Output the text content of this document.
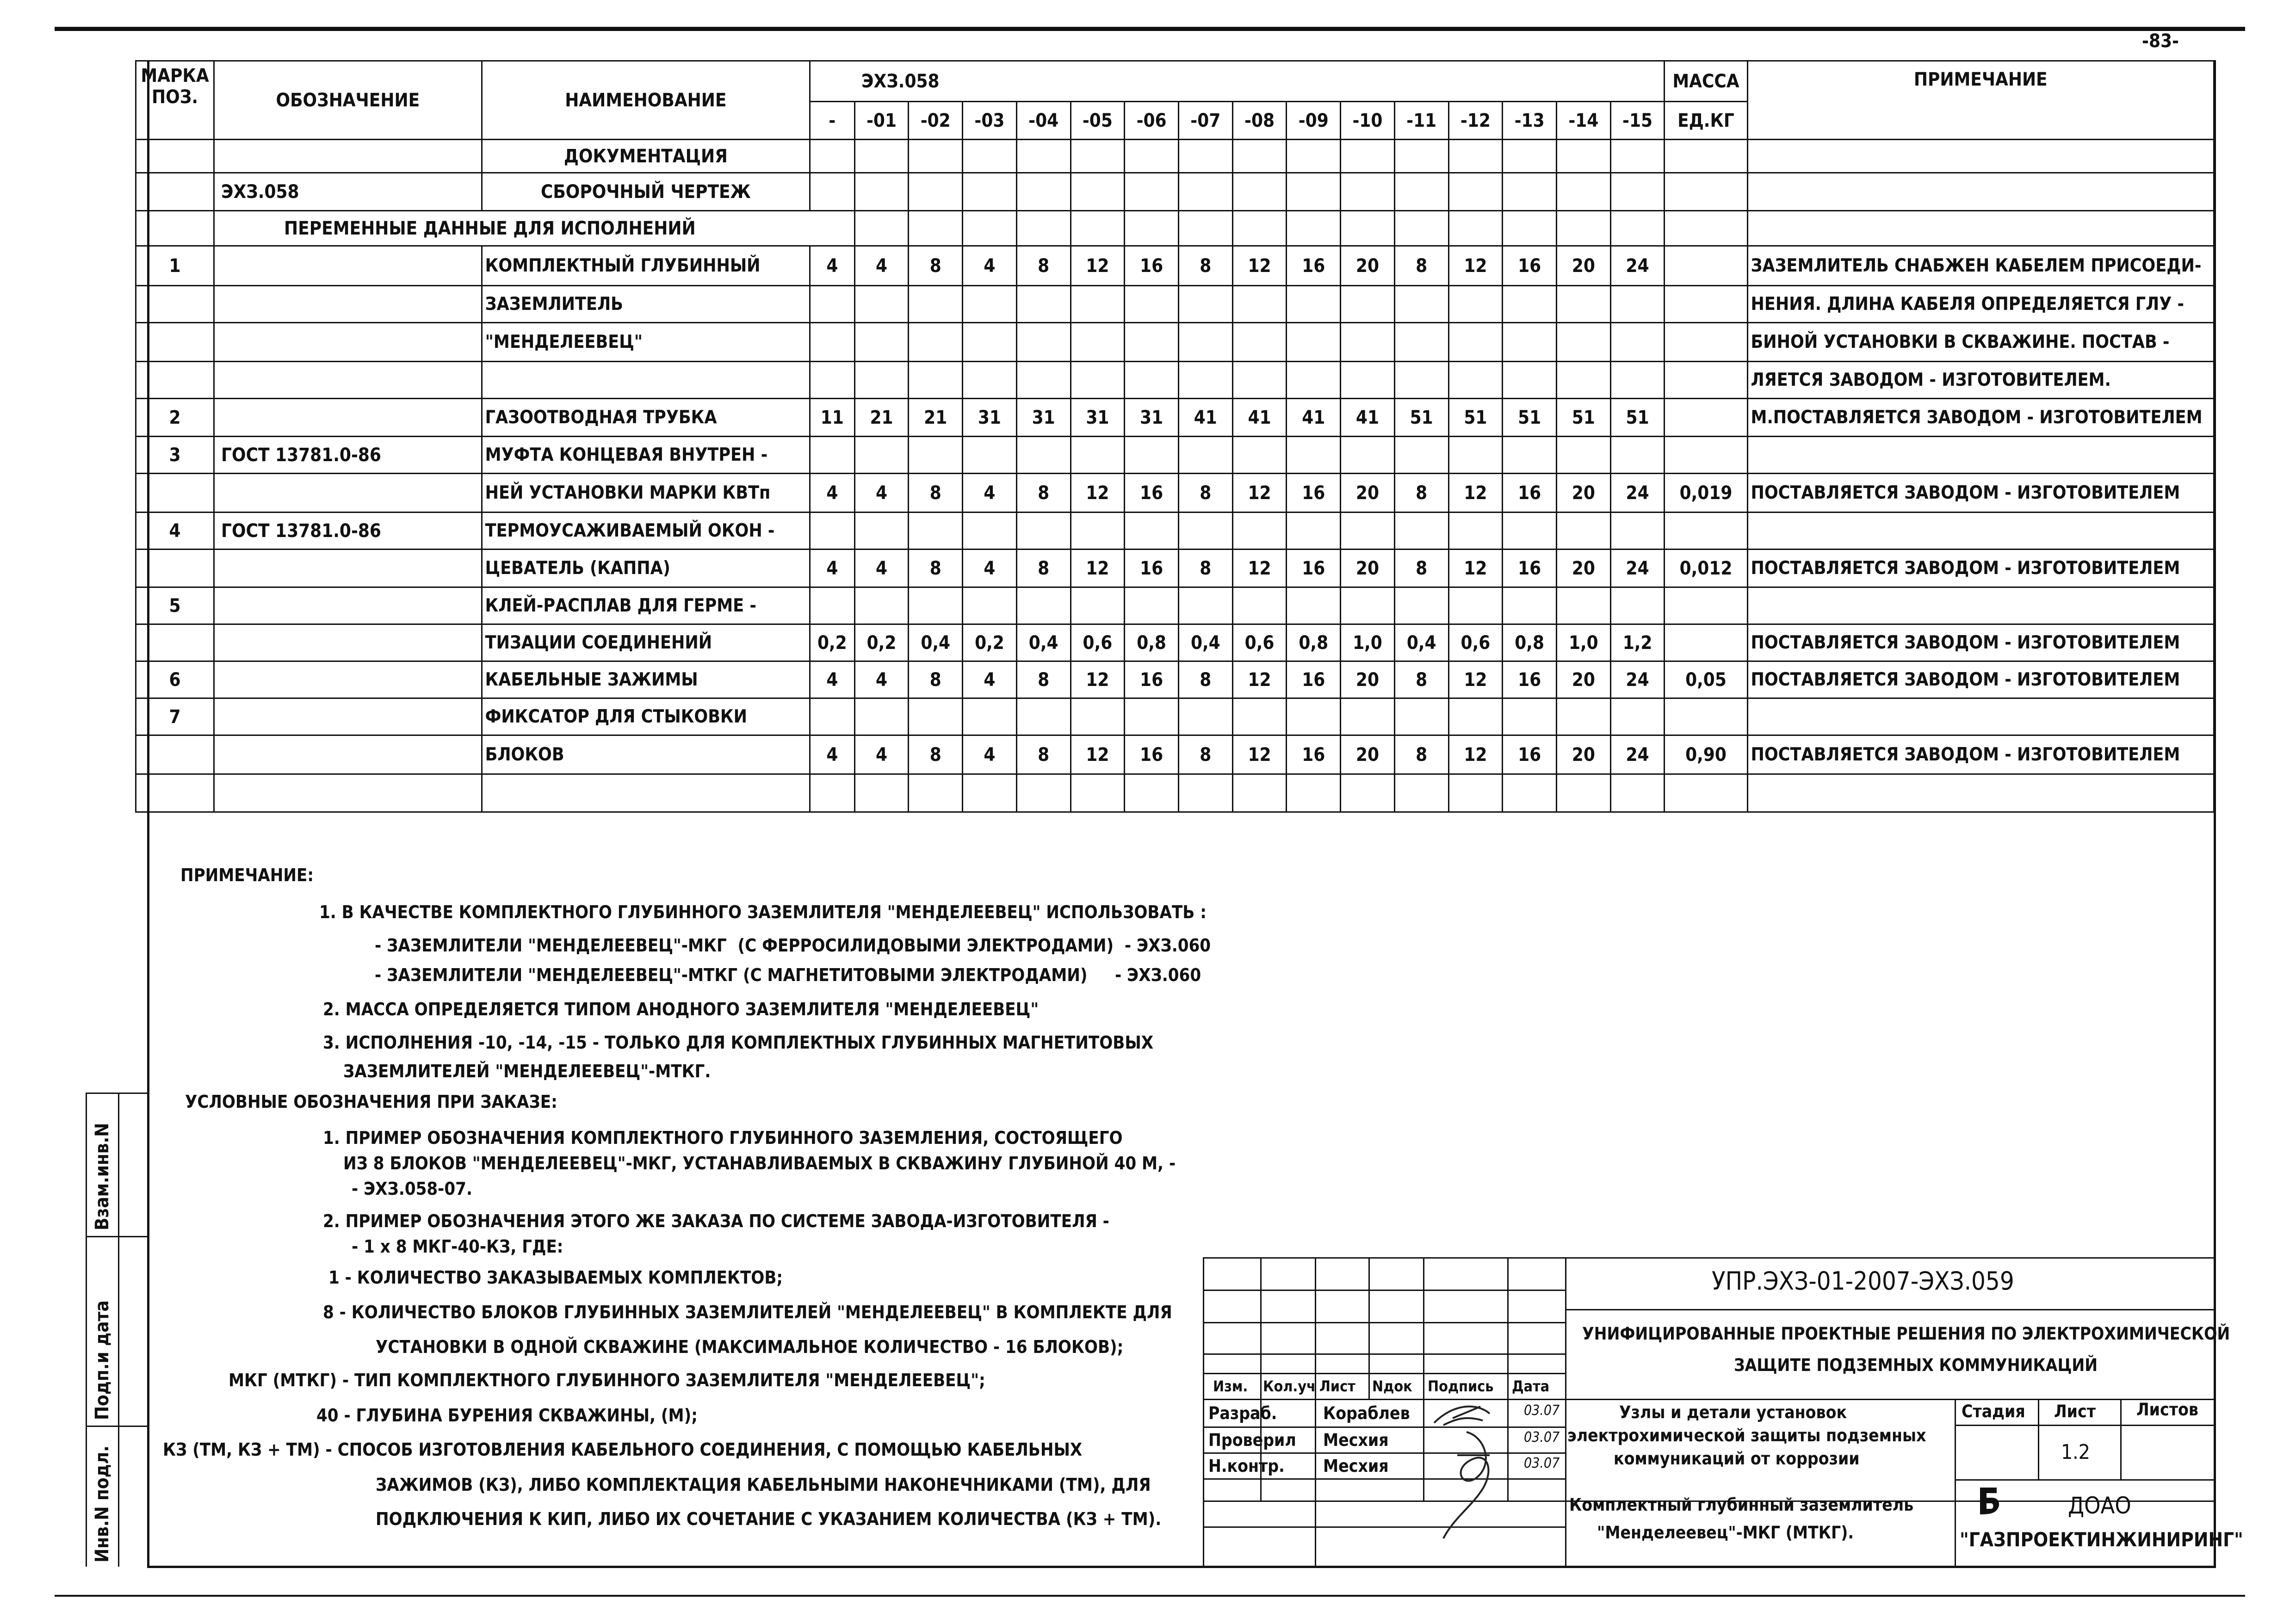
-83-
МАРКА
ПОЗ.	ОБОЗНАЧЕНИЕ	НАИМЕНОВАНИЕ	ЭХЗ.058																МАССА	ПРИМЕЧАНИЕ
			-	-01	-02	-03	-04	-05	-06	-07	-08	-09	-10	-11	-12	-13	-14	-15	ЕД.КГ	
		ДОКУМЕНТАЦИЯ																		
	ЭХЗ.058	СБОРОЧНЫЙ ЧЕРТЕЖ																		
	ПЕРЕМЕННЫЕ ДАННЫЕ ДЛЯ ИСПОЛНЕНИЙ																			
1		КОМПЛЕКТНЫЙ ГЛУБИННЫЙ	4	4	8	4	8	12	16	8	12	16	20	8	12	16	20	24		ЗАЗЕМЛИТЕЛЬ СНАБЖЕН КАБЕЛЕМ ПРИСОЕДИ-
		ЗАЗЕМЛИТЕЛЬ																		НЕНИЯ. ДЛИНА КАБЕЛЯ ОПРЕДЕЛЯЕТСЯ ГЛУ -
		"МЕНДЕЛЕЕВЕЦ"																		БИНОЙ УСТАНОВКИ В СКВАЖИНЕ. ПОСТАВ -
																				ЛЯЕТСЯ ЗАВОДОМ - ИЗГОТОВИТЕЛЕМ.
2		ГАЗООТВОДНАЯ ТРУБКА	11	21	21	31	31	31	31	41	41	41	41	51	51	51	51	51		М.ПОСТАВЛЯЕТСЯ ЗАВОДОМ - ИЗГОТОВИТЕЛЕМ
3	ГОСТ 13781.0-86	МУФТА КОНЦЕВАЯ ВНУТРЕН -																		
		НЕЙ УСТАНОВКИ МАРКИ КВТп	4	4	8	4	8	12	16	8	12	16	20	8	12	16	20	24	0,019	ПОСТАВЛЯЕТСЯ ЗАВОДОМ - ИЗГОТОВИТЕЛЕМ
4	ГОСТ 13781.0-86	ТЕРМОУСАЖИВАЕМЫЙ ОКОН -																		
		ЦЕВАТЕЛЬ (КАППА)	4	4	8	4	8	12	16	8	12	16	20	8	12	16	20	24	0,012	ПОСТАВЛЯЕТСЯ ЗАВОДОМ - ИЗГОТОВИТЕЛЕМ
5		КЛЕЙ-РАСПЛАВ ДЛЯ ГЕРМЕ -																		
		ТИЗАЦИИ СОЕДИНЕНИЙ	0,2	0,2	0,4	0,2	0,4	0,6	0,8	0,4	0,6	0,8	1,0	0,4	0,6	0,8	1,0	1,2		ПОСТАВЛЯЕТСЯ ЗАВОДОМ - ИЗГОТОВИТЕЛЕМ
6		КАБЕЛЬНЫЕ ЗАЖИМЫ	4	4	8	4	8	12	16	8	12	16	20	8	12	16	20	24	0,05	ПОСТАВЛЯЕТСЯ ЗАВОДОМ - ИЗГОТОВИТЕЛЕМ
7		ФИКСАТОР ДЛЯ СТЫКОВКИ																		
		БЛОКОВ	4	4	8	4	8	12	16	8	12	16	20	8	12	16	20	24	0,90	ПОСТАВЛЯЕТСЯ ЗАВОДОМ - ИЗГОТОВИТЕЛЕМ

ПРИМЕЧАНИЕ:
1. В КАЧЕСТВЕ КОМПЛЕКТНОГО ГЛУБИННОГО ЗАЗЕМЛИТЕЛЯ "МЕНДЕЛЕЕВЕЦ" ИСПОЛЬЗОВАТЬ :
- ЗАЗЕМЛИТЕЛИ "МЕНДЕЛЕЕВЕЦ"-МКГ  (С ФЕРРОСИЛИДОВЫМИ ЭЛЕКТРОДАМИ)  - ЭХЗ.060
- ЗАЗЕМЛИТЕЛИ "МЕНДЕЛЕЕВЕЦ"-МТКГ (С МАГНЕТИТОВЫМИ ЭЛЕКТРОДАМИ)     - ЭХЗ.060
2. МАССА ОПРЕДЕЛЯЕТСЯ ТИПОМ АНОДНОГО ЗАЗЕМЛИТЕЛЯ "МЕНДЕЛЕЕВЕЦ"
3. ИСПОЛНЕНИЯ -10, -14, -15 - ТОЛЬКО ДЛЯ КОМПЛЕКТНЫХ ГЛУБИННЫХ МАГНЕТИТОВЫХ
ЗАЗЕМЛИТЕЛЕЙ "МЕНДЕЛЕЕВЕЦ"-МТКГ.
УСЛОВНЫЕ ОБОЗНАЧЕНИЯ ПРИ ЗАКАЗЕ:
1. ПРИМЕР ОБОЗНАЧЕНИЯ КОМПЛЕКТНОГО ГЛУБИННОГО ЗАЗЕМЛЕНИЯ, СОСТОЯЩЕГО
ИЗ 8 БЛОКОВ "МЕНДЕЛЕЕВЕЦ"-МКГ, УСТАНАВЛИВАЕМЫХ В СКВАЖИНУ ГЛУБИНОЙ 40 М, -
- ЭХЗ.058-07.
2. ПРИМЕР ОБОЗНАЧЕНИЯ ЭТОГО ЖЕ ЗАКАЗА ПО СИСТЕМЕ ЗАВОДА-ИЗГОТОВИТЕЛЯ -
- 1 х 8 МКГ-40-КЗ, ГДЕ:
1 - КОЛИЧЕСТВО ЗАКАЗЫВАЕМЫХ КОМПЛЕКТОВ;
8 - КОЛИЧЕСТВО БЛОКОВ ГЛУБИННЫХ ЗАЗЕМЛИТЕЛЕЙ "МЕНДЕЛЕЕВЕЦ" В КОМПЛЕКТЕ ДЛЯ
УСТАНОВКИ В ОДНОЙ СКВАЖИНЕ (МАКСИМАЛЬНОЕ КОЛИЧЕСТВО - 16 БЛОКОВ);
МКГ (МТКГ) - ТИП КОМПЛЕКТНОГО ГЛУБИННОГО ЗАЗЕМЛИТЕЛЯ "МЕНДЕЛЕЕВЕЦ";
40 - ГЛУБИНА БУРЕНИЯ СКВАЖИНЫ, (М);
КЗ (ТМ, КЗ + ТМ) - СПОСОБ ИЗГОТОВЛЕНИЯ КАБЕЛЬНОГО СОЕДИНЕНИЯ, С ПОМОЩЬЮ КАБЕЛЬНЫХ
ЗАЖИМОВ (КЗ), ЛИБО КОМПЛЕКТАЦИЯ КАБЕЛЬНЫМИ НАКОНЕЧНИКАМИ (ТМ), ДЛЯ
ПОДКЛЮЧЕНИЯ К КИП, ЛИБО ИХ СОЧЕТАНИЕ С УКАЗАНИЕМ КОЛИЧЕСТВА (КЗ + ТМ).
Взам.инв.N
Подп.и дата
Инв.N подл.
УПР.ЭХЗ-01-2007-ЭХЗ.059
УНИФИЦИРОВАННЫЕ ПРОЕКТНЫЕ РЕШЕНИЯ ПО ЭЛЕКТРОХИМИЧЕСКОЙ
ЗАЩИТЕ ПОДЗЕМНЫХ КОММУНИКАЦИЙ
Изм. Кол.уч Лист Nдок Подпись Дата
Разраб.	Кораблев	03.07
Проверил Месхия	03.07
Н.контр. Месхия	03.07
Узлы и детали установок
электрохимической защиты подземных
коммуникаций от коррозии
Стадия Лист Листов
1.2
Комплектный глубинный заземлитель
"Менделеевец"-МКГ (МТКГ).
ДОАО
"ГАЗПРОЕКТИНЖИНИРИНГ"
